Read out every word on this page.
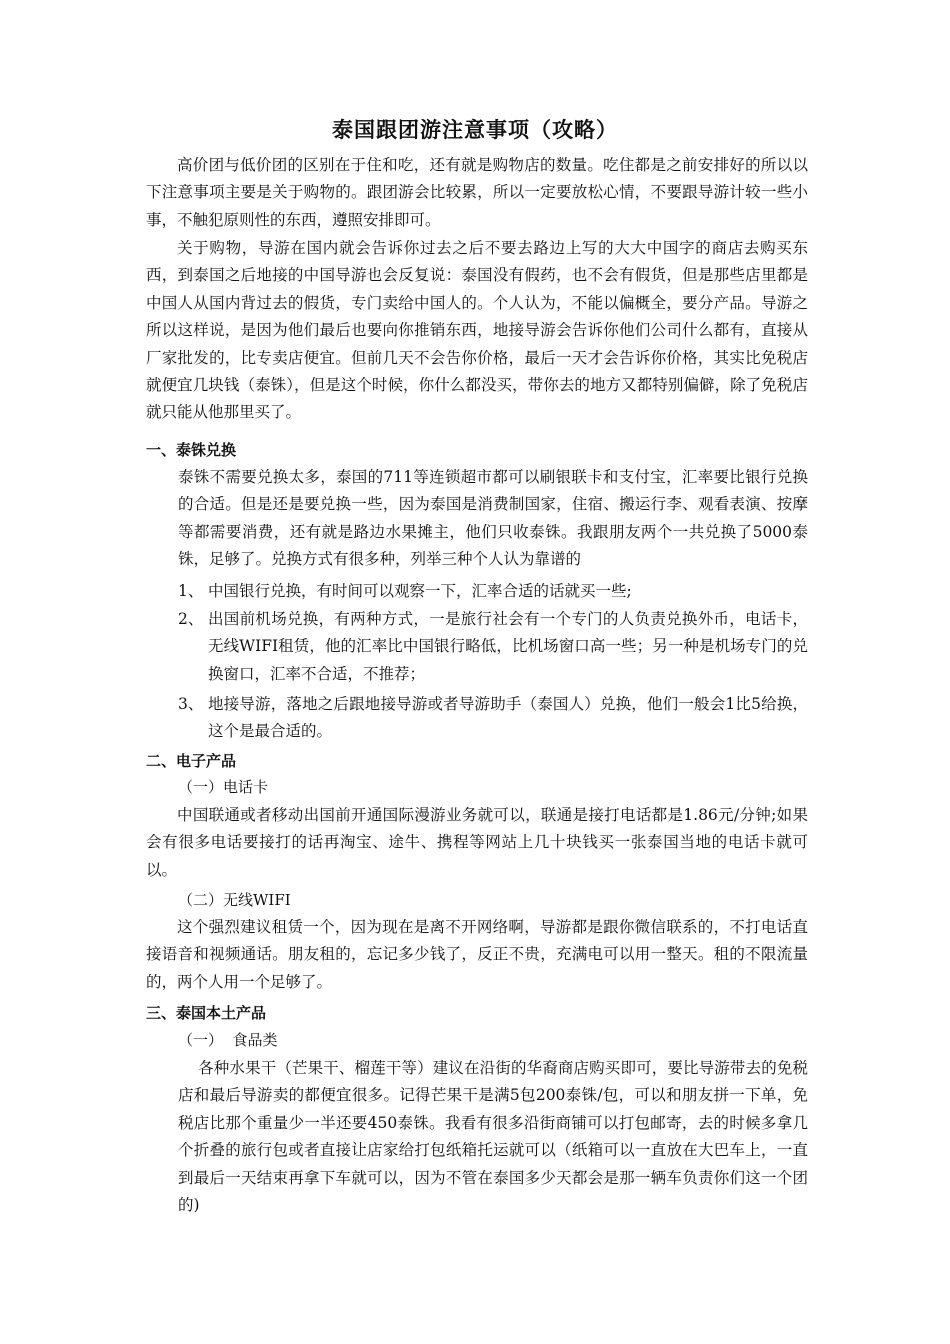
泰国跟团游注意事项（攻略）
高价团与低价团的区别在于住和吃，还有就是购物店的数量。吃住都是之前安排好的所以以下注意事项主要是关于购物的。跟团游会比较累，所以一定要放松心情，不要跟导游计较一些小事，不触犯原则性的东西，遵照安排即可。
关于购物，导游在国内就会告诉你过去之后不要去路边上写的大大中国字的商店去购买东西，到泰国之后地接的中国导游也会反复说：泰国没有假药，也不会有假货，但是那些店里都是中国人从国内背过去的假货，专门卖给中国人的。个人认为，不能以偏概全，要分产品。导游之所以这样说，是因为他们最后也要向你推销东西，地接导游会告诉你他们公司什么都有，直接从厂家批发的，比专卖店便宜。但前几天不会告你价格，最后一天才会告诉你价格，其实比免税店就便宜几块钱（泰铢），但是这个时候，你什么都没买，带你去的地方又都特别偏僻，除了免税店就只能从他那里买了。
一、泰铢兑换
泰铢不需要兑换太多，泰国的711等连锁超市都可以刷银联卡和支付宝，汇率要比银行兑换的合适。但是还是要兑换一些，因为泰国是消费制国家，住宿、搬运行李、观看表演、按摩等都需要消费，还有就是路边水果摊主，他们只收泰铢。我跟朋友两个一共兑换了5000泰铢，足够了。兑换方式有很多种，列举三种个人认为靠谱的
1、 中国银行兑换，有时间可以观察一下，汇率合适的话就买一些;
2、 出国前机场兑换，有两种方式，一是旅行社会有一个专门的人负责兑换外币，电话卡，无线WIFI租赁，他的汇率比中国银行略低，比机场窗口高一些；另一种是机场专门的兑换窗口，汇率不合适，不推荐；
3、 地接导游，落地之后跟地接导游或者导游助手（泰国人）兑换，他们一般会1比5给换，这个是最合适的。
二、电子产品
（一）电话卡
中国联通或者移动出国前开通国际漫游业务就可以，联通是接打电话都是1.86元/分钟;如果会有很多电话要接打的话再淘宝、途牛、携程等网站上几十块钱买一张泰国当地的电话卡就可以。
（二）无线WIFI
这个强烈建议租赁一个，因为现在是离不开网络啊，导游都是跟你微信联系的，不打电话直接语音和视频通话。朋友租的，忘记多少钱了，反正不贵，充满电可以用一整天。租的不限流量的，两个人用一个足够了。
三、泰国本土产品
（一）  食品类
各种水果干（芒果干、榴莲干等）建议在沿街的华裔商店购买即可，要比导游带去的免税店和最后导游卖的都便宜很多。记得芒果干是满5包200泰铢/包，可以和朋友拼一下单，免税店比那个重量少一半还要450泰铢。我看有很多沿街商铺可以打包邮寄，去的时候多拿几个折叠的旅行包或者直接让店家给打包纸箱托运就可以（纸箱可以一直放在大巴车上，一直到最后一天结束再拿下车就可以，因为不管在泰国多少天都会是那一辆车负责你们这一个团的)
